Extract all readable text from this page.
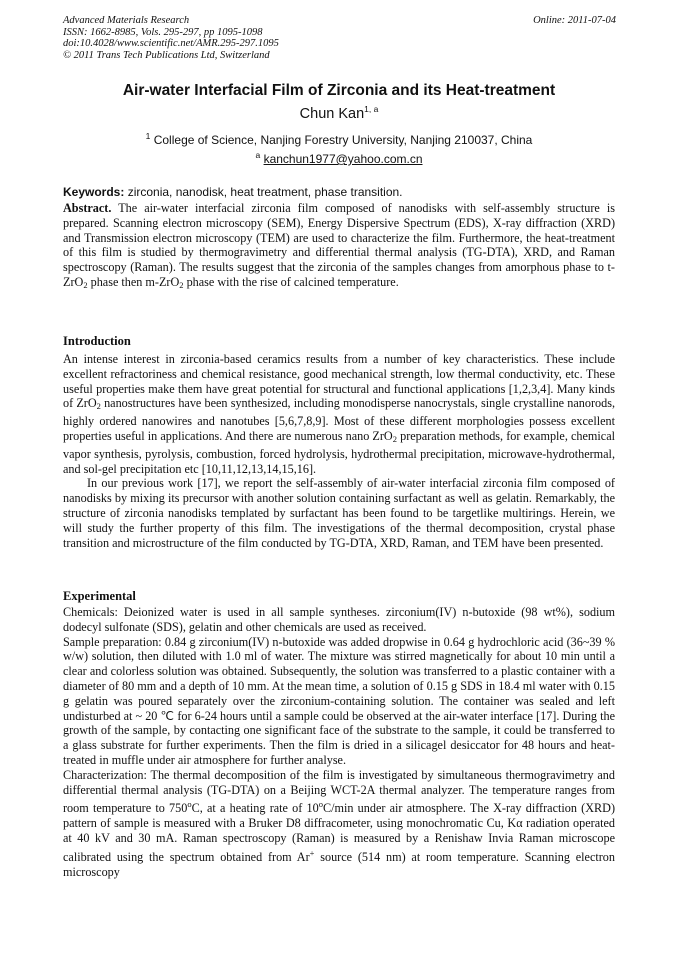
Advanced Materials Research
ISSN: 1662-8985, Vols. 295-297, pp 1095-1098
doi:10.4028/www.scientific.net/AMR.295-297.1095
© 2011 Trans Tech Publications Ltd, Switzerland
Online: 2011-07-04
Air-water Interfacial Film of Zirconia and its Heat-treatment
Chun Kan$^{1, a}$
$^1$ College of Science, Nanjing Forestry University, Nanjing 210037, China
$^a$ kanchun1977@yahoo.com.cn
Keywords: zirconia, nanodisk, heat treatment, phase transition.

Abstract. The air-water interfacial zirconia film composed of nanodisks with self-assembly structure is prepared. Scanning electron microscopy (SEM), Energy Dispersive Spectrum (EDS), X-ray diffraction (XRD) and Transmission electron microscopy (TEM) are used to characterize the film. Furthermore, the heat-treatment of this film is studied by thermogravimetry and differential thermal analysis (TG-DTA), XRD, and Raman spectroscopy (Raman). The results suggest that the zirconia of the samples changes from amorphous phase to t-ZrO$_2$ phase then m-ZrO$_2$ phase with the rise of calcined temperature.

Introduction

An intense interest in zirconia-based ceramics results from a number of key characteristics. These include excellent refractoriness and chemical resistance, good mechanical strength, low thermal conductivity, etc. These useful properties make them have great potential for structural and functional applications [1,2,3,4]. Many kinds of ZrO$_2$ nanostructures have been synthesized, including monodisperse nanocrystals, single crystalline nanorods, highly ordered nanowires and nanotubes [5,6,7,8,9]. Most of these different morphologies possess excellent properties useful in applications. And there are numerous nano ZrO$_2$ preparation methods, for example, chemical vapor synthesis, pyrolysis, combustion, forced hydrolysis, hydrothermal precipitation, microwave-hydrothermal, and sol-gel precipitation etc [10,11,12,13,14,15,16].

In our previous work [17], we report the self-assembly of air-water interfacial zirconia film composed of nanodisks by mixing its precursor with another solution containing surfactant as well as gelatin. Remarkably, the structure of zirconia nanodisks templated by surfactant has been found to be targetlike multirings. Herein, we will study the further property of this film. The investigations of the thermal decomposition, crystal phase transition and microstructure of the film conducted by TG-DTA, XRD, Raman, and TEM have been presented.

Experimental

Chemicals: Deionized water is used in all sample syntheses. zirconium(IV) n-butoxide (98 wt%), sodium dodecyl sulfonate (SDS), gelatin and other chemicals are used as received.

Sample preparation: 0.84 g zirconium(IV) n-butoxide was added dropwise in 0.64 g hydrochloric acid (36~39 % w/w) solution, then diluted with 1.0 ml of water. The mixture was stirred magnetically for about 10 min until a clear and colorless solution was obtained. Subsequently, the solution was transferred to a plastic container with a diameter of 80 mm and a depth of 10 mm. At the mean time, a solution of 0.15 g SDS in 18.4 ml water with 0.15 g gelatin was poured separately over the zirconium-containing solution. The container was sealed and left undisturbed at ~ 20 ℃ for 6-24 hours until a sample could be observed at the air-water interface [17]. During the growth of the sample, by contacting one significant face of the substrate to the sample, it could be transferred to a glass substrate for further experiments. Then the film is dried in a silicagel desiccator for 48 hours and heat-treated in muffle under air atmosphere for further analyse.

Characterization: The thermal decomposition of the film is investigated by simultaneous thermogravimetry and differential thermal analysis (TG-DTA) on a Beijing WCT-2A thermal analyzer. The temperature ranges from room temperature to 750$^o$C, at a heating rate of 10$^o$C/min under air atmosphere. The X-ray diffraction (XRD) pattern of sample is measured with a Bruker D8 diffracometer, using monochromatic Cu, Kα radiation operated at 40 kV and 30 mA. Raman spectroscopy (Raman) is measured by a Renishaw Invia Raman microscope calibrated using the spectrum obtained from Ar+ source (514 nm) at room temperature. Scanning electron microscopy
